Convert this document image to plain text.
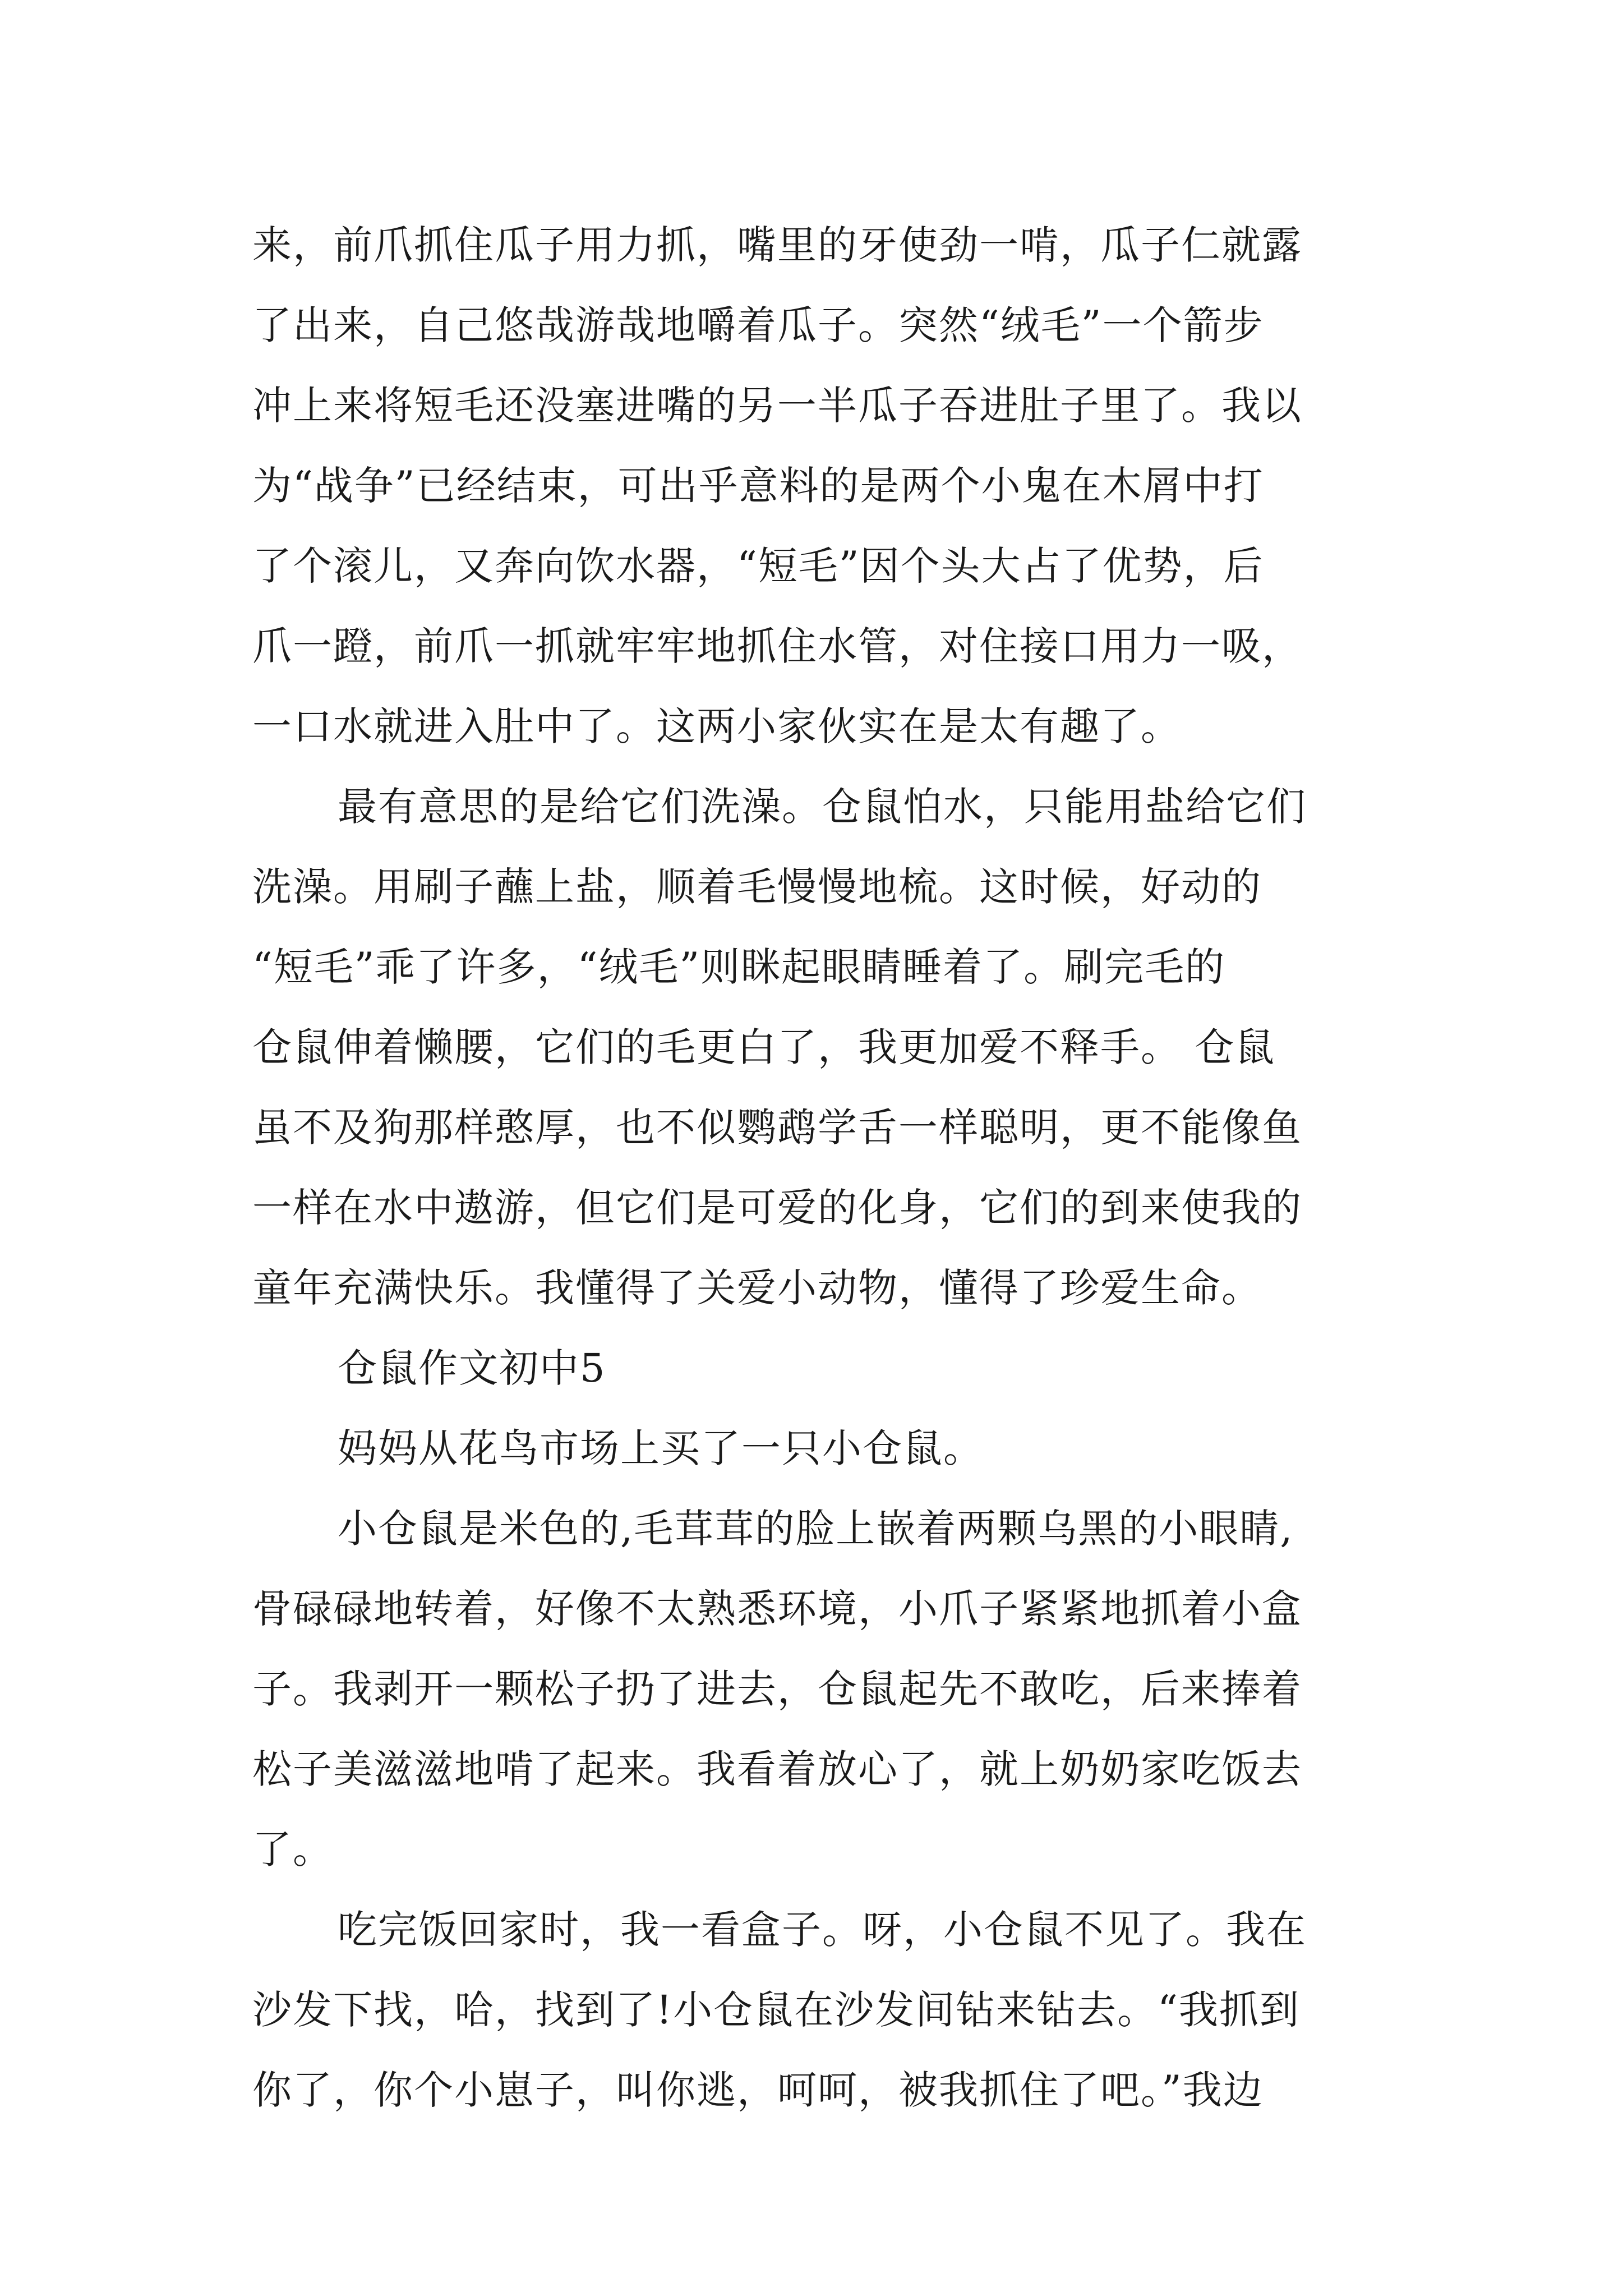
来，前爪抓住瓜子用力抓，嘴里的牙使劲一啃，瓜子仁就露
了出来，自己悠哉游哉地嚼着瓜子。突然“绒毛”一个箭步
冲上来将短毛还没塞进嘴的另一半瓜子吞进肚子里了。我以
为“战争”已经结束，可出乎意料的是两个小鬼在木屑中打
了个滚儿，又奔向饮水器，“短毛”因个头大占了优势，后
爪一蹬，前爪一抓就牢牢地抓住水管，对住接口用力一吸，
一口水就进入肚中了。这两小家伙实在是太有趣了。
最有意思的是给它们洗澡。仓鼠怕水，只能用盐给它们
洗澡。用刷子蘸上盐，顺着毛慢慢地梳。这时候，好动的
“短毛”乖了许多，“绒毛”则眯起眼睛睡着了。刷完毛的
仓鼠伸着懒腰，它们的毛更白了，我更加爱不释手。 仓鼠
虽不及狗那样憨厚，也不似鹦鹉学舌一样聪明，更不能像鱼
一样在水中遨游，但它们是可爱的化身，它们的到来使我的
童年充满快乐。我懂得了关爱小动物，懂得了珍爱生命。
仓鼠作文初中5
妈妈从花鸟市场上买了一只小仓鼠。
小仓鼠是米色的,毛茸茸的脸上嵌着两颗乌黑的小眼睛,
骨碌碌地转着，好像不太熟悉环境，小爪子紧紧地抓着小盒
子。我剥开一颗松子扔了进去，仓鼠起先不敢吃，后来捧着
松子美滋滋地啃了起来。我看着放心了，就上奶奶家吃饭去
了。
吃完饭回家时，我一看盒子。呀，小仓鼠不见了。我在
沙发下找，哈，找到了!小仓鼠在沙发间钻来钻去。“我抓到
你了，你个小崽子，叫你逃，呵呵，被我抓住了吧。”我边
